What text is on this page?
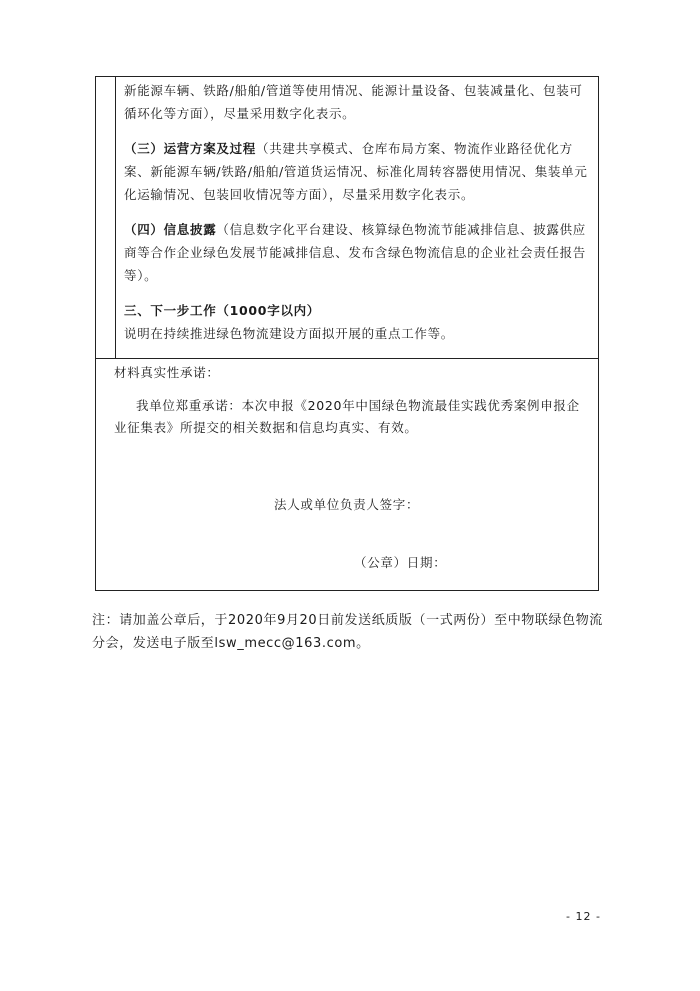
新能源车辆、铁路/船舶/管道等使用情况、能源计量设备、包装减量化、包装可循环化等方面），尽量采用数字化表示。

（三）运营方案及过程（共建共享模式、仓库布局方案、物流作业路径优化方案、新能源车辆/铁路/船舶/管道货运情况、标准化周转容器使用情况、集装单元化运输情况、包装回收情况等方面），尽量采用数字化表示。

（四）信息披露（信息数字化平台建设、核算绿色物流节能减排信息、披露供应商等合作企业绿色发展节能减排信息、发布含绿色物流信息的企业社会责任报告等）。

三、下一步工作（1000字以内）
说明在持续推进绿色物流建设方面拟开展的重点工作等。

材料真实性承诺：
我单位郑重承诺：本次申报《2020年中国绿色物流最佳实践优秀案例申报企业征集表》所提交的相关数据和信息均真实、有效。
法人或单位负责人签字：
（公章）日期：
注：请加盖公章后，于2020年9月20日前发送纸质版（一式两份）至中物联绿色物流分会，发送电子版至lsw_mecc@163.com。
- 12 -
